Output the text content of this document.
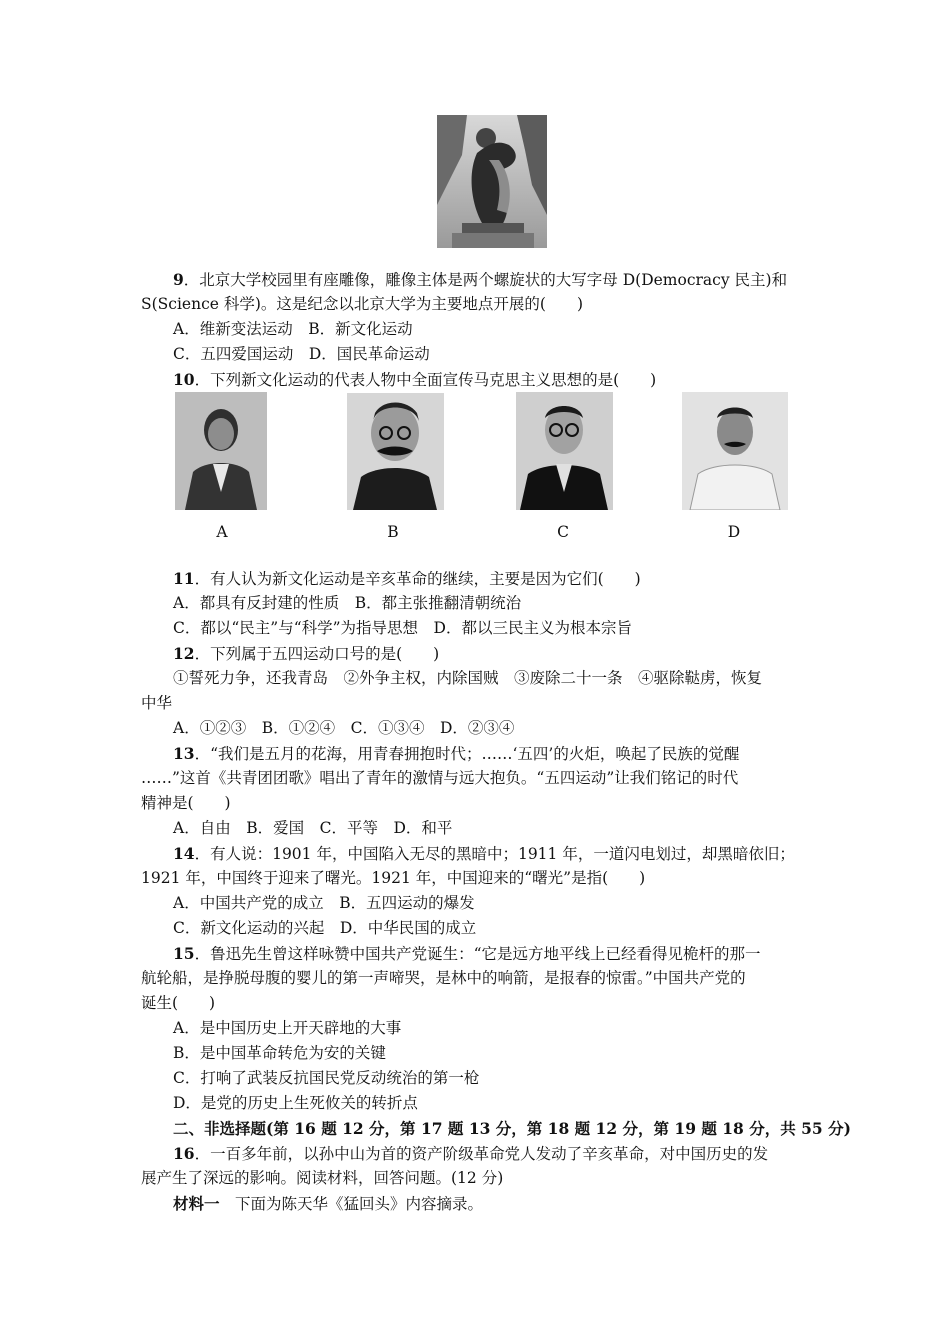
9．北京大学校园里有座雕像，雕像主体是两个螺旋状的大写字母 D(Democracy 民主)和
S(Science 科学)。这是纪念以北京大学为主要地点开展的(　　)
A．维新变法运动　B．新文化运动
C．五四爱国运动　D．国民革命运动
10．下列新文化运动的代表人物中全面宣传马克思主义思想的是(　　)
A	B	C	D
11．有人认为新文化运动是辛亥革命的继续，主要是因为它们(　　)
A．都具有反封建的性质　B．都主张推翻清朝统治
C．都以“民主”与“科学”为指导思想　D．都以三民主义为根本宗旨
12．下列属于五四运动口号的是(　　)
①誓死力争，还我青岛　②外争主权，内除国贼　③废除二十一条　④驱除鞑虏，恢复
中华
A．①②③　B．①②④　C．①③④　D．②③④
13．“我们是五月的花海，用青春拥抱时代；……‘五四’的火炬，唤起了民族的觉醒
……”这首《共青团团歌》唱出了青年的激情与远大抱负。“五四运动”让我们铭记的时代
精神是(　　)
A．自由　B．爱国　C．平等　D．和平
14．有人说：1901 年，中国陷入无尽的黑暗中；1911 年，一道闪电划过，却黑暗依旧；
1921 年，中国终于迎来了曙光。1921 年，中国迎来的“曙光”是指(　　)
A．中国共产党的成立　B．五四运动的爆发
C．新文化运动的兴起　D．中华民国的成立
15．鲁迅先生曾这样咏赞中国共产党诞生：“它是远方地平线上已经看得见桅杆的那一
航轮船，是挣脱母腹的婴儿的第一声啼哭，是林中的响箭，是报春的惊雷。”中国共产党的
诞生(　　)
A．是中国历史上开天辟地的大事
B．是中国革命转危为安的关键
C．打响了武装反抗国民党反动统治的第一枪
D．是党的历史上生死攸关的转折点
二、非选择题(第 16 题 12 分，第 17 题 13 分，第 18 题 12 分，第 19 题 18 分，共 55 分)
16．一百多年前，以孙中山为首的资产阶级革命党人发动了辛亥革命，对中国历史的发
展产生了深远的影响。阅读材料，回答问题。(12 分)
材料一　下面为陈天华《猛回头》内容摘录。
